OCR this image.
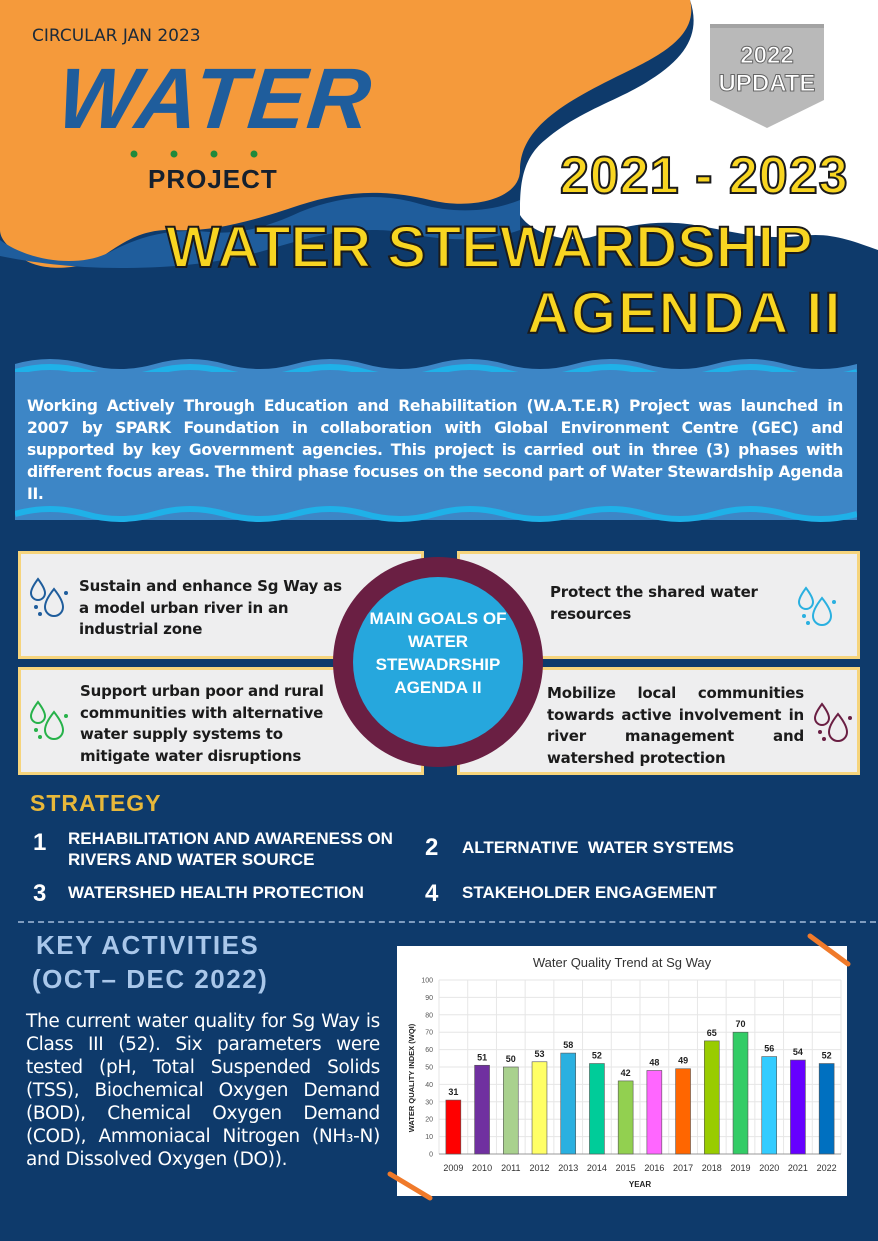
CIRCULAR JAN 2023
WATER
PROJECT
2022
UPDATE
2021 - 2023
WATER STEWARDSHIP
AGENDA II
Working Actively Through Education and Rehabilitation (W.A.T.E.R) Project was launched in 2007 by SPARK Foundation in collaboration with Global Environment Centre (GEC) and supported by key Government agencies. This project is carried out in three (3) phases with different focus areas. The third phase focuses on the second part of Water Stewardship Agenda II.
Sustain and enhance Sg Way as a model urban river in an industrial zone
Protect the shared water resources
Support urban poor and rural communities with alternative water supply systems to mitigate water disruptions
Mobilize local communities towards active involvement in river management and watershed protection
MAIN GOALS OF WATER STEWADRSHIP AGENDA II
STRATEGY
1 REHABILITATION AND AWARENESS ON RIVERS AND WATER SOURCE	2 ALTERNATIVE  WATER SYSTEMS
3 WATERSHED HEALTH PROTECTION	4 STAKEHOLDER ENGAGEMENT
KEY ACTIVITIES
(OCT– DEC 2022)
The current water quality for Sg Way is Class III (52). Six parameters were tested (pH, Total Suspended Solids (TSS), Biochemical Oxygen Demand (BOD), Chemical Oxygen Demand (COD), Ammoniacal Nitrogen (NH₃-N) and Dissolved Oxygen (DO)).
Water Quality Trend at Sg Way
YEAR
WATER QUALITY INDEX (WQI)
0
10
20
30
40
50
60
70
80
90
100
31
2009
51
2010
50
2011
53
2012
58
2013
52
2014
42
2015
48
2016
49
2017
65
2018
70
2019
56
2020
54
2021
52
2022
